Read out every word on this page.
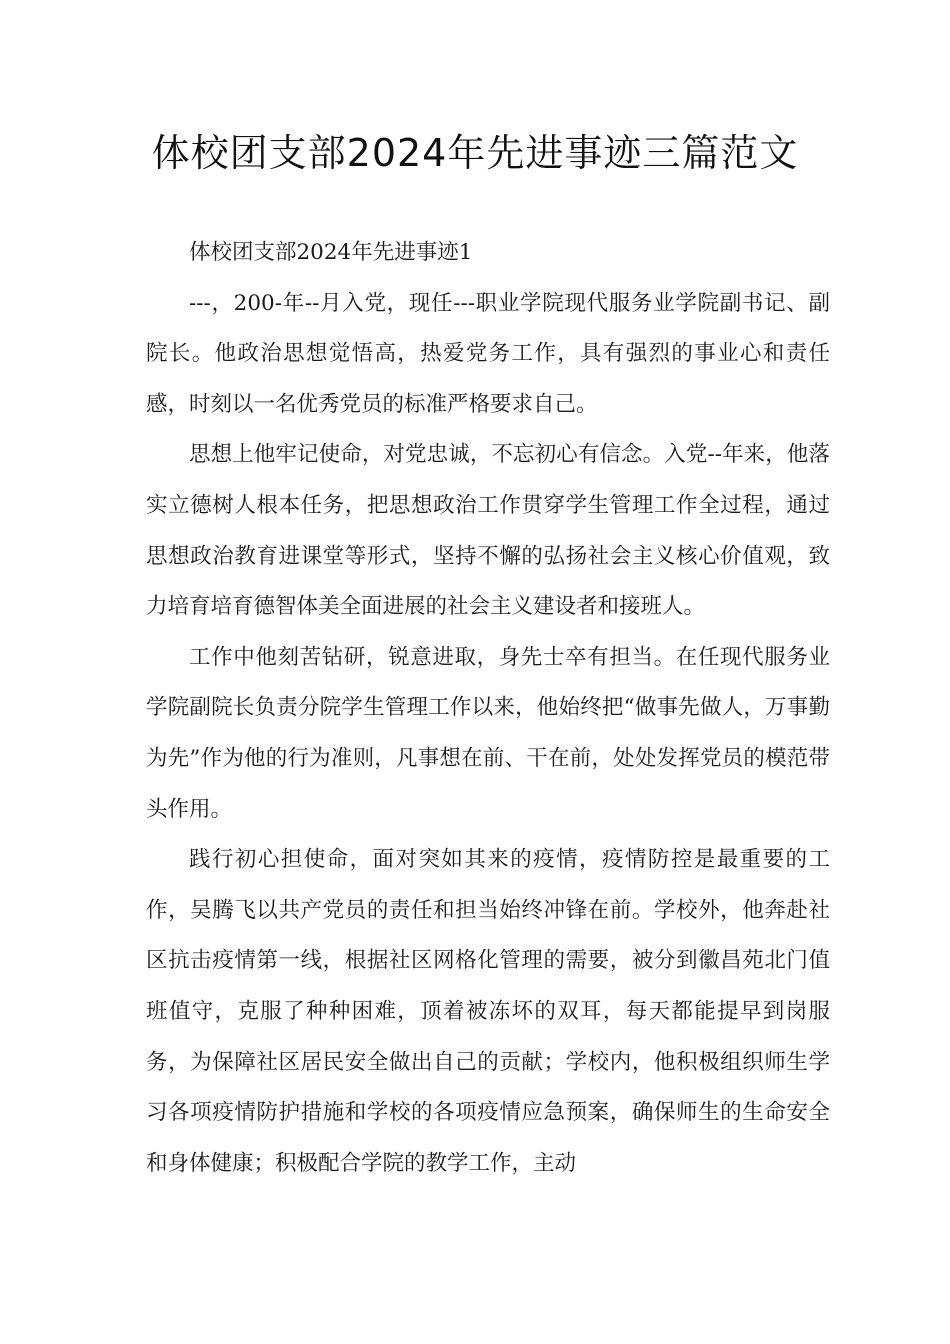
体校团支部2024年先进事迹三篇范文

体校团支部2024年先进事迹1

---，200-年--月入党，现任---职业学院现代服务业学院副书记、副院长。他政治思想觉悟高，热爱党务工作，具有强烈的事业心和责任感，时刻以一名优秀党员的标准严格要求自己。

思想上他牢记使命，对党忠诚，不忘初心有信念。入党--年来，他落实立德树人根本任务，把思想政治工作贯穿学生管理工作全过程，通过思想政治教育进课堂等形式，坚持不懈的弘扬社会主义核心价值观，致力培育培育德智体美全面进展的社会主义建设者和接班人。

工作中他刻苦钻研，锐意进取，身先士卒有担当。在任现代服务业学院副院长负责分院学生管理工作以来，他始终把“做事先做人，万事勤为先”作为他的行为准则，凡事想在前、干在前，处处发挥党员的模范带头作用。

践行初心担使命，面对突如其来的疫情，疫情防控是最重要的工作，吴腾飞以共产党员的责任和担当始终冲锋在前。学校外，他奔赴社区抗击疫情第一线，根据社区网格化管理的需要，被分到徽昌苑北门值班值守，克服了种种困难，顶着被冻坏的双耳，每天都能提早到岗服务，为保障社区居民安全做出自己的贡献；学校内，他积极组织师生学习各项疫情防护措施和学校的各项疫情应急预案，确保师生的生命安全和身体健康；积极配合学院的教学工作，主动
